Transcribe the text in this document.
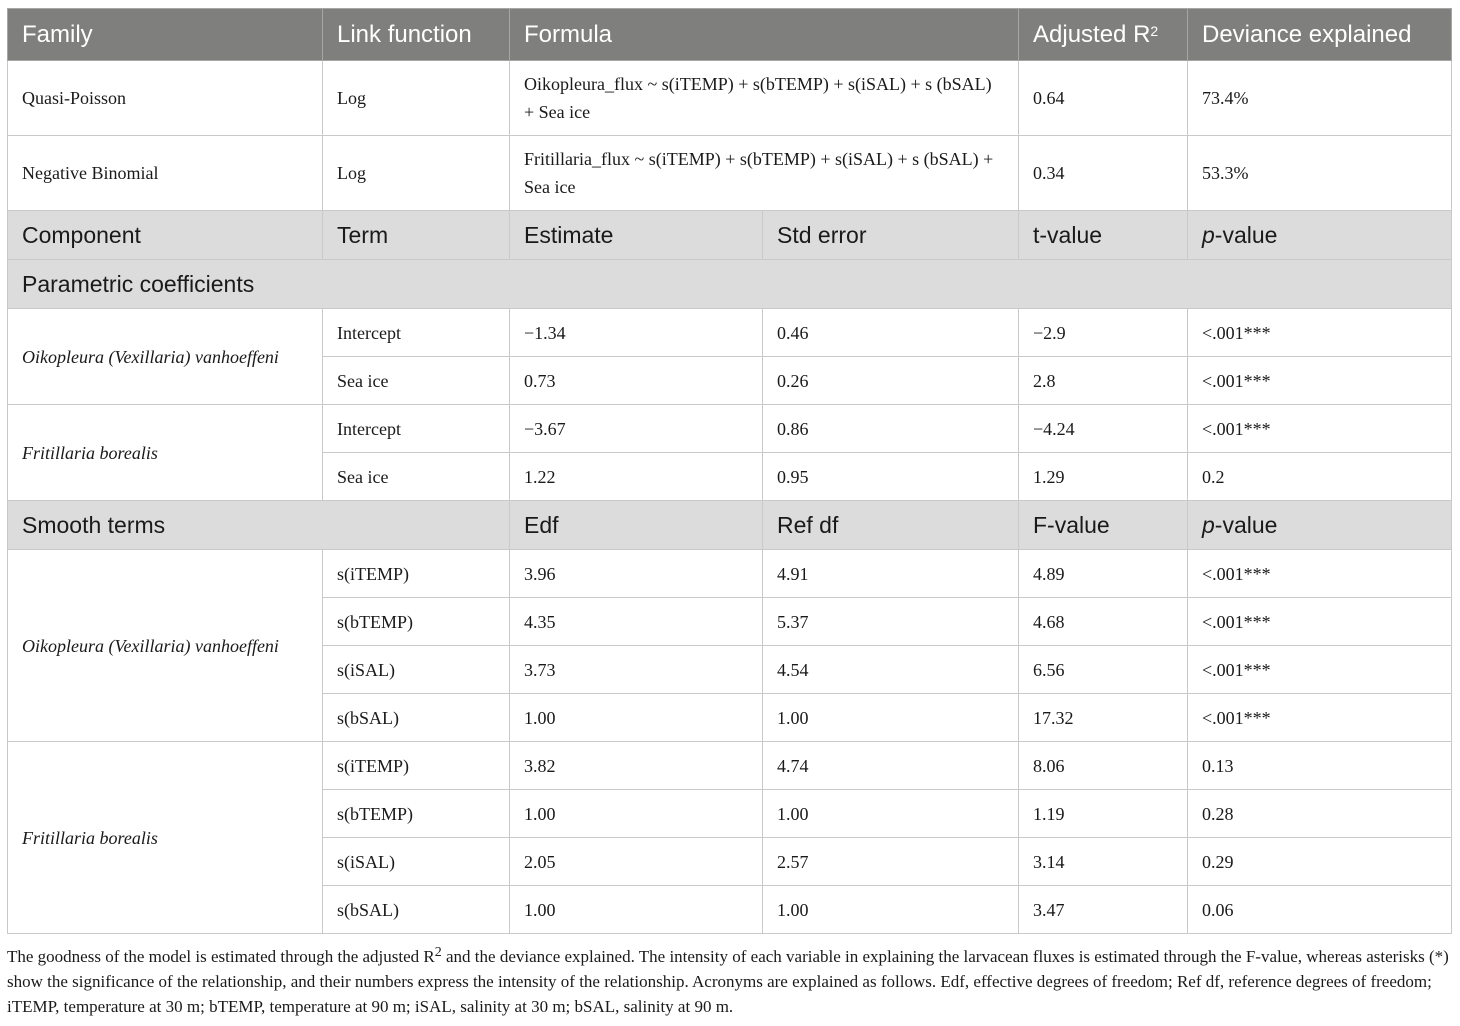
Family	Link function	Formula		Adjusted $R^2$	Deviance explained
Quasi-Poisson	Log	Oikopleura_flux ~ s(iTEMP) + s(bTEMP) + s(iSAL) + s (bSAL) + Sea ice		0.64	73.4%
Negative Binomial	Log	Fritillaria_flux ~ s(iTEMP) + s(bTEMP) + s(iSAL) + s (bSAL) + Sea ice		0.34	53.3%
Component	Term	Estimate	Std error	t-value	p-value
Parametric coefficients					
Oikopleura (Vexillaria) vanhoeffeni	Intercept	−1.34	0.46	−2.9	<.001***
	Sea ice	0.73	0.26	2.8	<.001***
Fritillaria borealis	Intercept	−3.67	0.86	−4.24	<.001***
	Sea ice	1.22	0.95	1.29	0.2
Smooth terms		Edf	Ref df	F-value	p-value
Oikopleura (Vexillaria) vanhoeffeni	s(iTEMP)	3.96	4.91	4.89	<.001***
	s(bTEMP)	4.35	5.37	4.68	<.001***
	s(iSAL)	3.73	4.54	6.56	<.001***
	s(bSAL)	1.00	1.00	17.32	<.001***
Fritillaria borealis	s(iTEMP)	3.82	4.74	8.06	0.13
	s(bTEMP)	1.00	1.00	1.19	0.28
	s(iSAL)	2.05	2.57	3.14	0.29
	s(bSAL)	1.00	1.00	3.47	0.06
The goodness of the model is estimated through the adjusted $R^2$ and the deviance explained. The intensity of each variable in explaining the larvacean fluxes is estimated through the F-value, whereas asterisks (*) show the significance of the relationship, and their numbers express the intensity of the relationship. Acronyms are explained as follows. Edf, effective degrees of freedom; Ref df, reference degrees of freedom; iTEMP, temperature at 30 m; bTEMP, temperature at 90 m; iSAL, salinity at 30 m; bSAL, salinity at 90 m.
